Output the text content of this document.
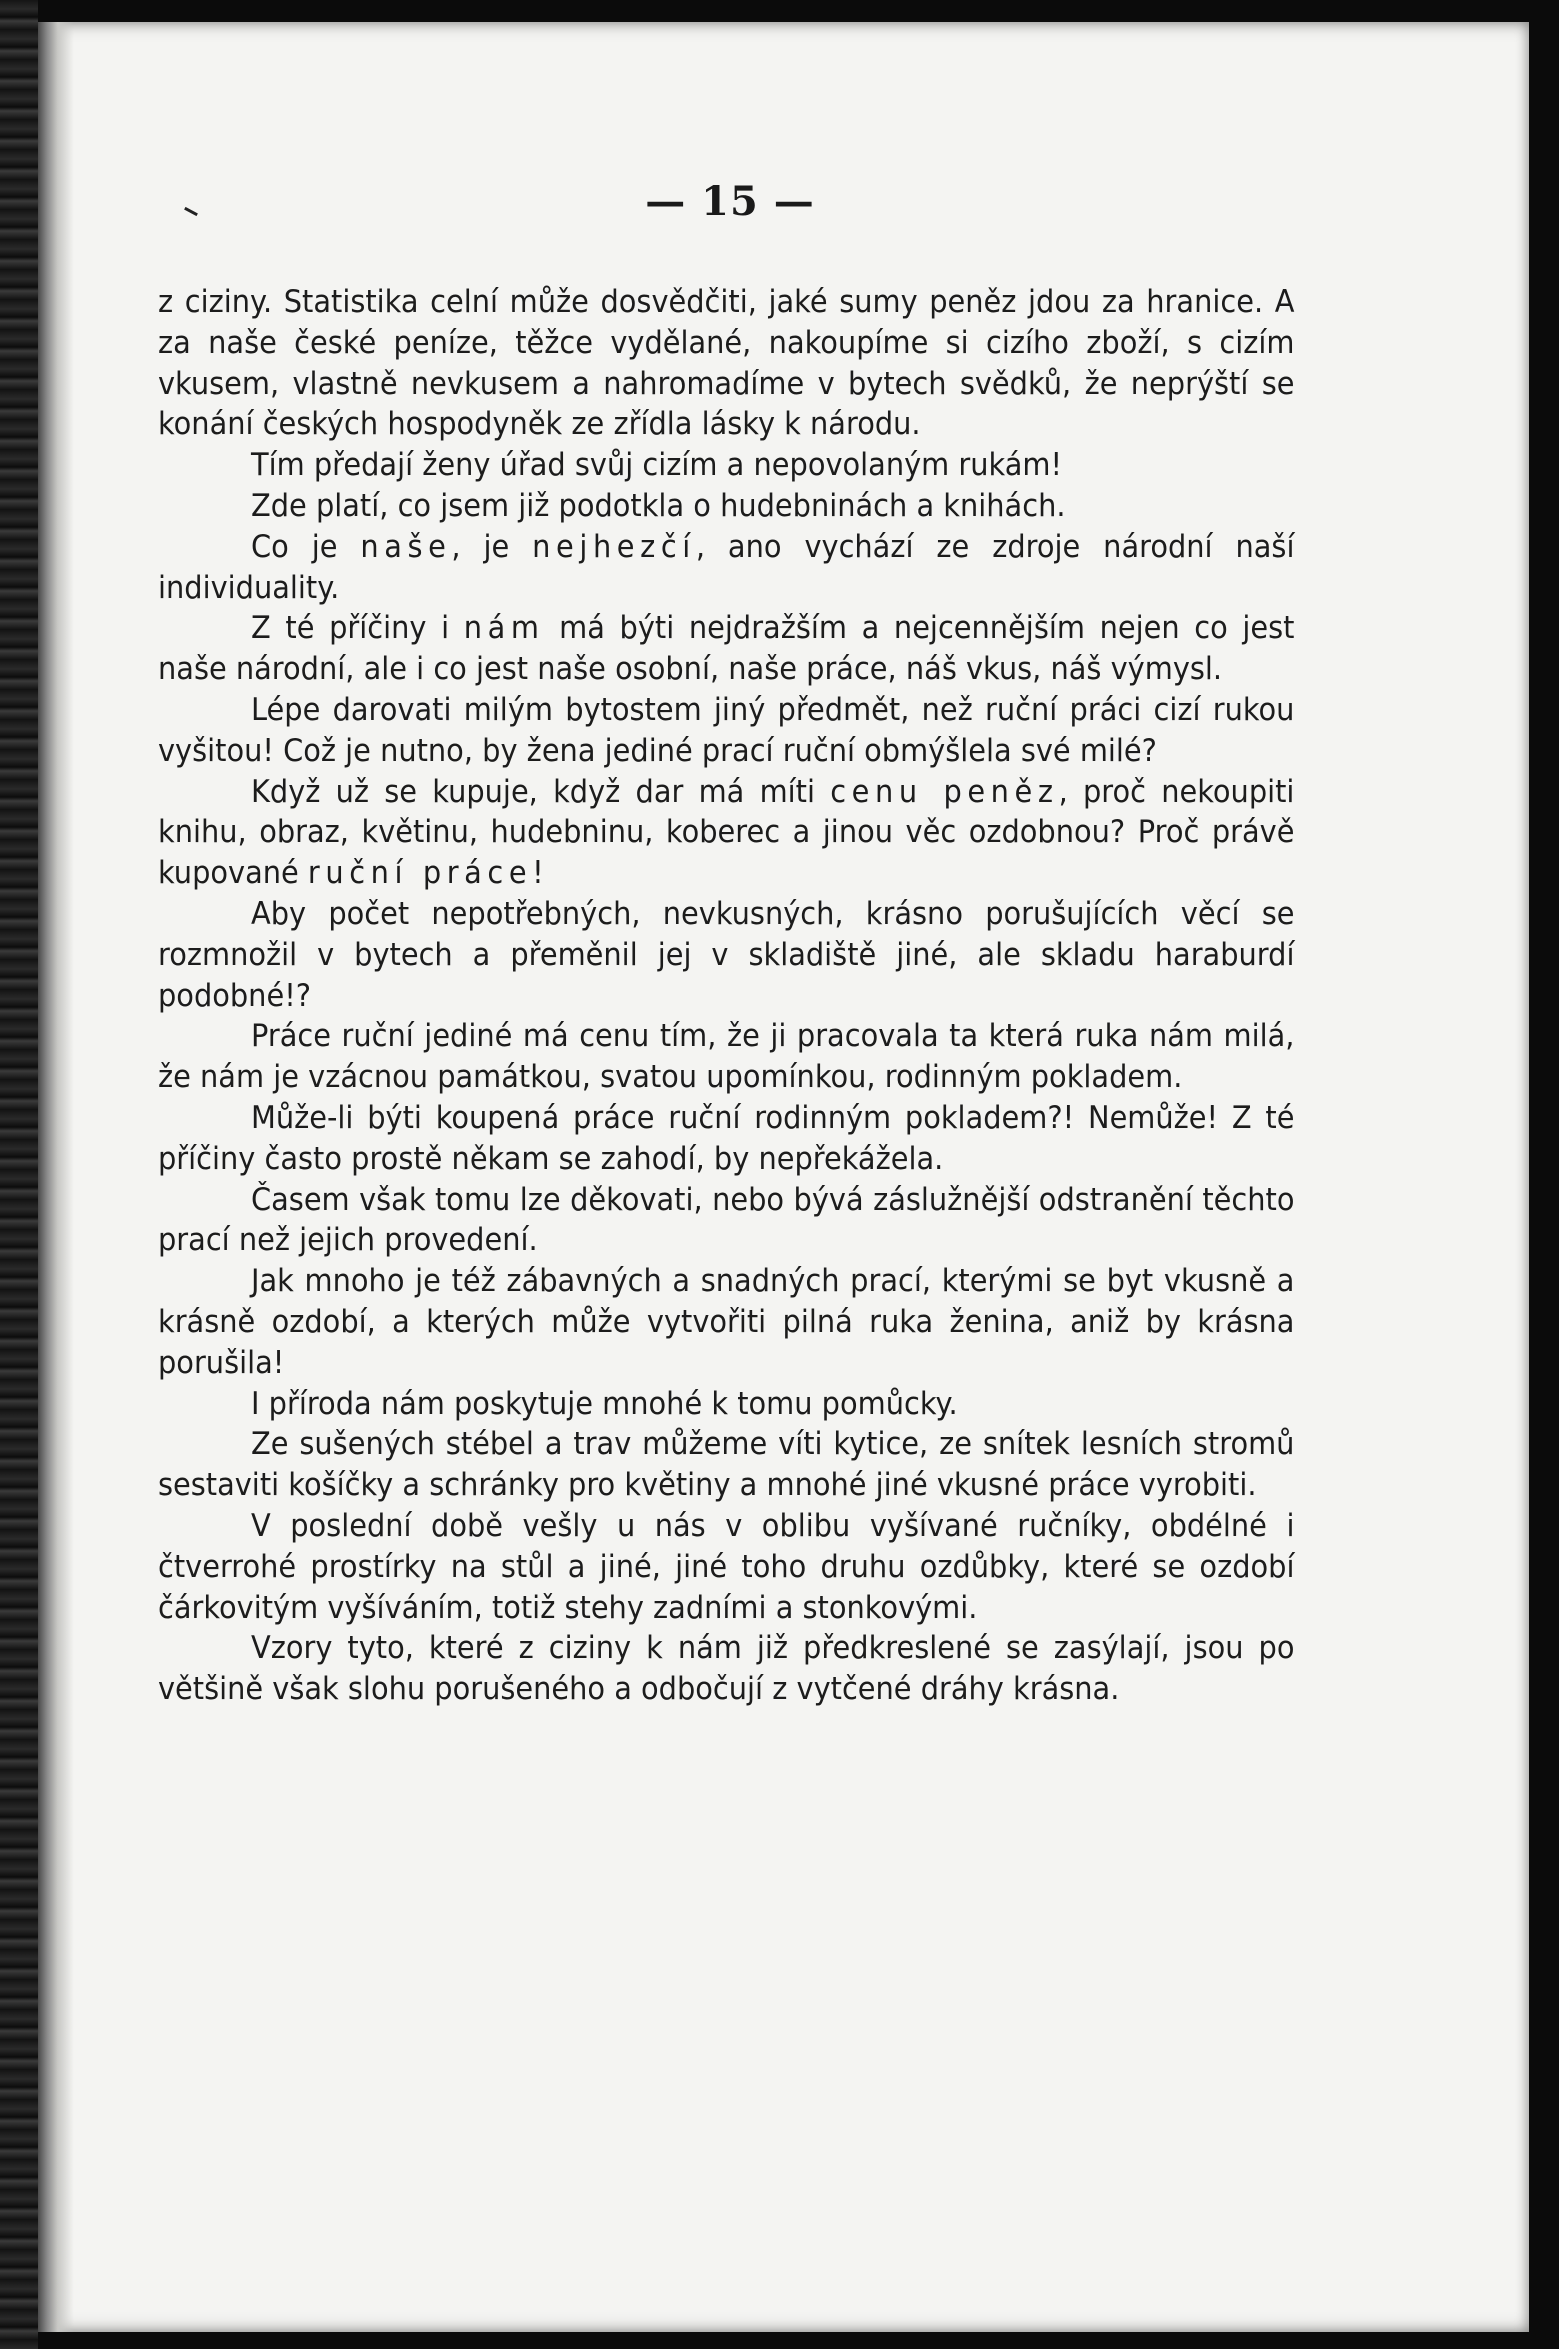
— 15 —

z ciziny. Statistika celní může dosvědčiti, jaké sumy peněz jdou za hranice. A za naše české peníze, těžce vydělané, nakoupíme si cizího zboží, s cizím vkusem, vlastně nevkusem a nahromadíme v bytech svědků, že neprýští se konání českých hospodyněk ze zřídla lásky k národu.

Tím předají ženy úřad svůj cizím a nepovolaným rukám!

Zde platí, co jsem již podotkla o hudebninách a knihách.

Co je naše, je nejhezčí, ano vychází ze zdroje národní naší individuality.

Z té příčiny i nám má býti nejdražším a nejcennějším nejen co jest naše národní, ale i co jest naše osobní, naše práce, náš vkus, náš výmysl.

Lépe darovati milým bytostem jiný předmět, než ruční práci cizí rukou vyšitou! Což je nutno, by žena jediné prací ruční obmýšlela své milé?

Když už se kupuje, když dar má míti cenu peněz, proč nekoupiti knihu, obraz, květinu, hudebninu, koberec a jinou věc ozdobnou? Proč právě kupované ruční práce!

Aby počet nepotřebných, nevkusných, krásno porušujících věcí se rozmnožil v bytech a přeměnil jej v skladiště jiné, ale skladu haraburdí podobné!?

Práce ruční jediné má cenu tím, že ji pracovala ta která ruka nám milá, že nám je vzácnou památkou, svatou upomínkou, rodinným pokladem.

Může-li býti koupená práce ruční rodinným pokladem?! Nemůže! Z té příčiny často prostě někam se zahodí, by nepřekážela.

Časem však tomu lze děkovati, nebo bývá záslužnější odstranění těchto prací než jejich provedení.

Jak mnoho je též zábavných a snadných prací, kterými se byt vkusně a krásně ozdobí, a kterých může vytvořiti pilná ruka ženina, aniž by krásna porušila!

I příroda nám poskytuje mnohé k tomu pomůcky.

Ze sušených stébel a trav můžeme víti kytice, ze snítek lesních stromů sestaviti košíčky a schránky pro květiny a mnohé jiné vkusné práce vyrobiti.

V poslední době vešly u nás v oblibu vyšívané ručníky, obdélné i čtverrohé prostírky na stůl a jiné, jiné toho druhu ozdůbky, které se ozdobí čárkovitým vyšíváním, totiž stehy zadními a stonkovými.

Vzory tyto, které z ciziny k nám již předkreslené se zasýlají, jsou po většině však slohu porušeného a odbočují z vytčené dráhy krásna.
